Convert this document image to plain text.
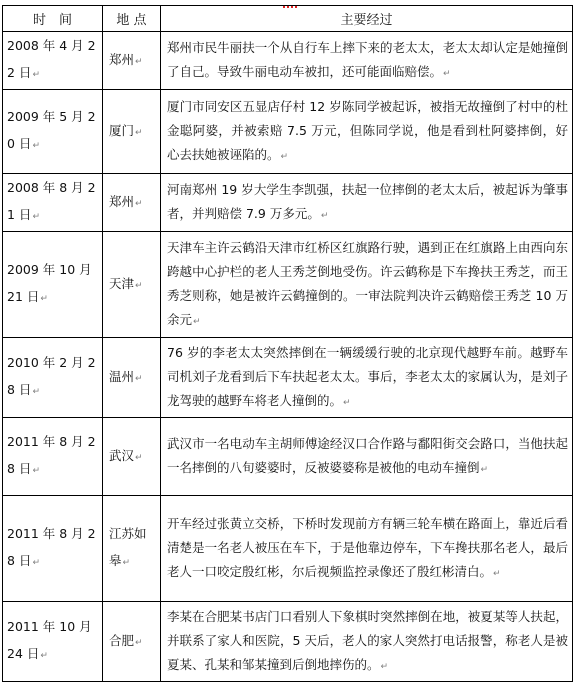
时　间	地 点	主要经过
2008 年 4 月 22 日↵	郑州↵	郑州市民牛丽扶一个从自行车上摔下来的老太太，老太太却认定是她撞倒了自己。导致牛丽电动车被扣，还可能面临赔偿。↵
2009 年 5 月 20 日↵	厦门↵	厦门市同安区五显店仔村 12 岁陈同学被起诉，被指无故撞倒了村中的杜金聪阿婆，并被索赔 7.5 万元，但陈同学说，他是看到杜阿婆摔倒，好心去扶她被诬陷的。↵
2008 年 8 月 21 日↵	郑州↵	河南郑州 19 岁大学生李凯强，扶起一位摔倒的老太太后，被起诉为肇事者，并判赔偿 7.9 万多元。↵
2009 年 10 月 21 日↵	天津↵	天津车主许云鹤沿天津市红桥区红旗路行驶，遇到正在红旗路上由西向东跨越中心护栏的老人王秀芝倒地受伤。许云鹤称是下车搀扶王秀芝，而王秀芝则称，她是被许云鹤撞倒的。一审法院判决许云鹤赔偿王秀芝 10 万余元↵
2010 年 2 月 28 日↵	温州↵	76 岁的李老太太突然摔倒在一辆缓缓行驶的北京现代越野车前。越野车司机刘子龙看到后下车扶起老太太。事后，李老太太的家属认为，是刘子龙驾驶的越野车将老人撞倒的。↵
2011 年 8 月 28 日↵	武汉↵	武汉市一名电动车主胡师傅途经汉口合作路与鄱阳街交会路口，当他扶起一名摔倒的八旬婆婆时，反被婆婆称是被他的电动车撞倒↵
2011 年 8 月 28 日↵	江苏如皋↵	开车经过张黄立交桥，下桥时发现前方有辆三轮车横在路面上，靠近后看清楚是一名老人被压在车下，于是他靠边停车，下车搀扶那名老人，最后老人一口咬定殷红彬，尔后视频监控录像还了殷红彬清白。↵
2011 年 10 月 24 日↵	合肥↵	李某在合肥某书店门口看别人下象棋时突然摔倒在地，被夏某等人扶起，并联系了家人和医院，5 天后，老人的家人突然打电话报警，称老人是被夏某、孔某和邹某撞到后倒地摔伤的。↵
